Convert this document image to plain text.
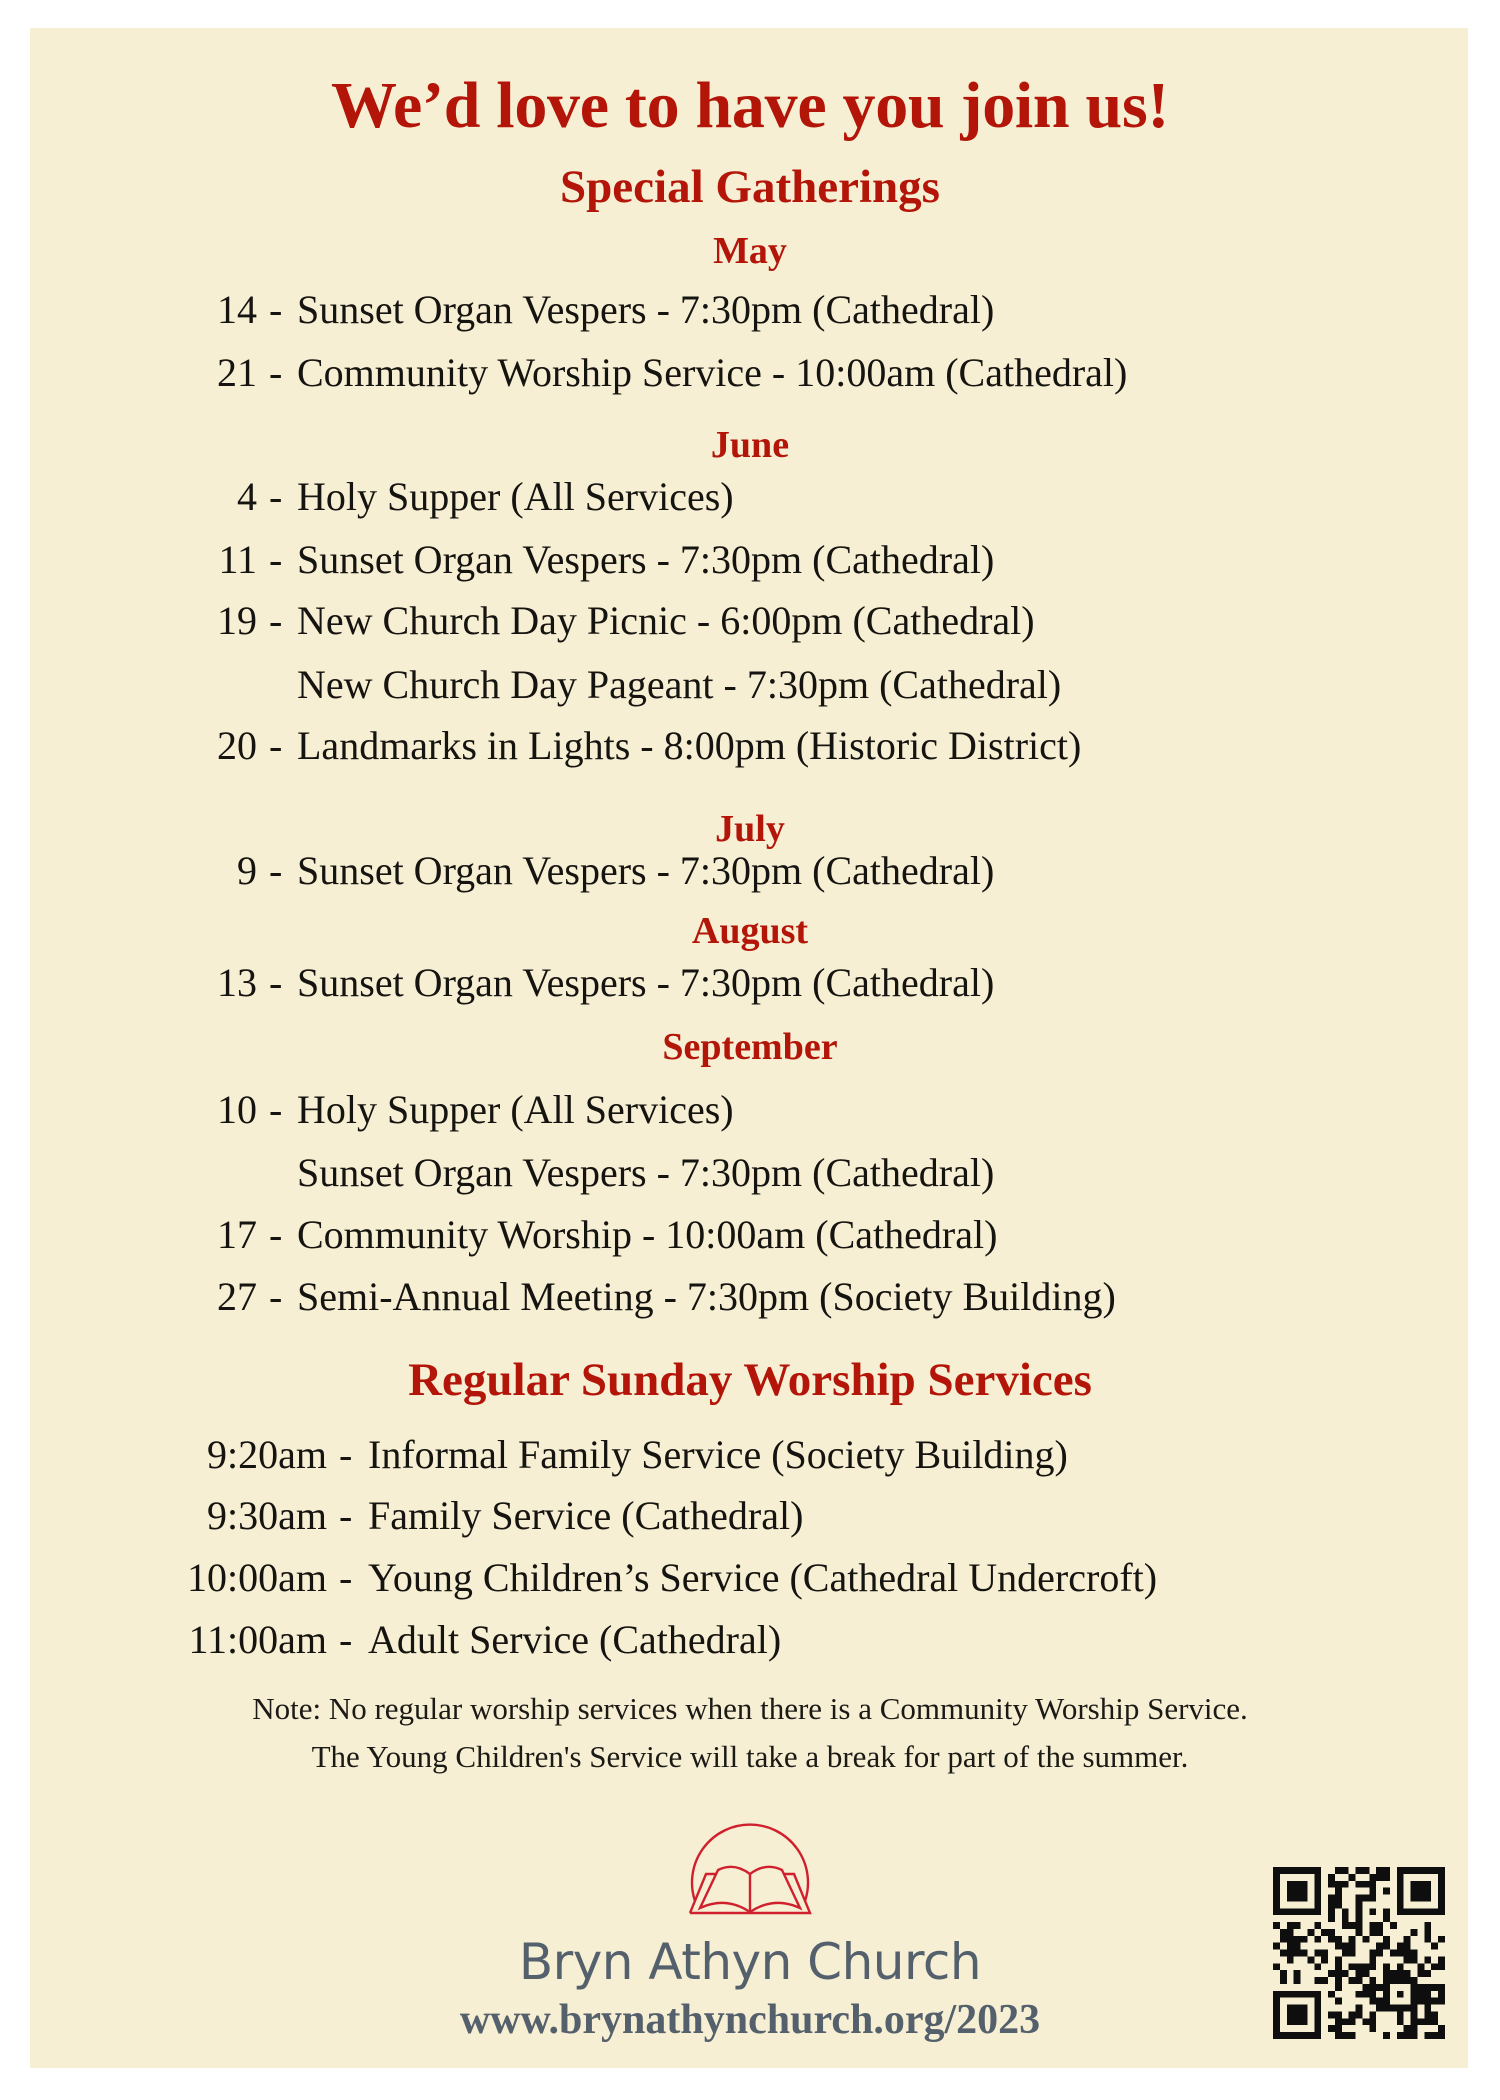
We’d love to have you join us!
Special Gatherings
May
14 - Sunset Organ Vespers - 7:30pm (Cathedral)
21 - Community Worship Service - 10:00am (Cathedral)
June
4 - Holy Supper (All Services)
11 - Sunset Organ Vespers - 7:30pm (Cathedral)
19 - New Church Day Picnic - 6:00pm (Cathedral)
New Church Day Pageant - 7:30pm (Cathedral)
20 - Landmarks in Lights - 8:00pm (Historic District)
July
9 - Sunset Organ Vespers - 7:30pm (Cathedral)
August
13 - Sunset Organ Vespers - 7:30pm (Cathedral)
September
10 - Holy Supper (All Services)
Sunset Organ Vespers - 7:30pm (Cathedral)
17 - Community Worship - 10:00am (Cathedral)
27 - Semi-Annual Meeting - 7:30pm (Society Building)
Regular Sunday Worship Services
9:20am - Informal Family Service (Society Building)
9:30am - Family Service (Cathedral)
10:00am - Young Children’s Service (Cathedral Undercroft)
11:00am - Adult Service (Cathedral)
Note: No regular worship services when there is a Community Worship Service.
The Young Children's Service will take a break for part of the summer.
Bryn Athyn Church
www.brynathynchurch.org/2023
